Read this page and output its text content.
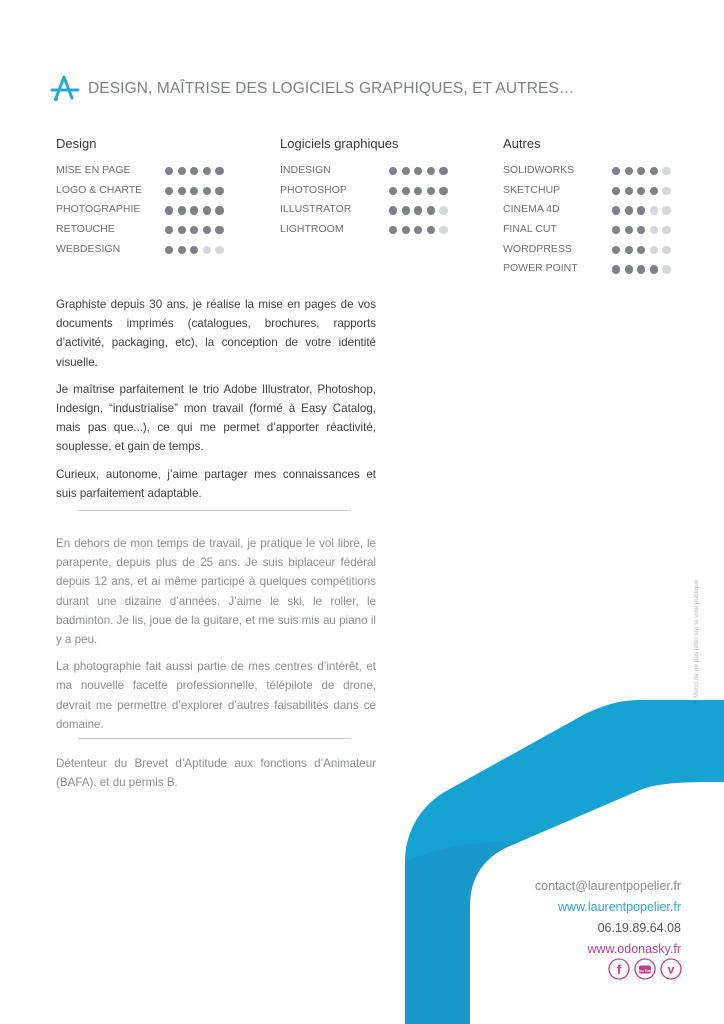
DESIGN, MAÎTRISE DES LOGICIELS GRAPHIQUES, ET AUTRES…
Design
MISE EN PAGE
LOGO & CHARTE
PHOTOGRAPHIE
RETOUCHE
WEBDESIGN
Logiciels graphiques
INDESIGN
PHOTOSHOP
ILLUSTRATOR
LIGHTROOM
Autres
SOLIDWORKS
SKETCHUP
CINEMA 4D
FINAL CUT
WORDPRESS
POWER POINT

Graphiste depuis 30 ans, je réalise la mise en pages de vos documents imprimés (catalogues, brochures, rapports d’activité, packaging, etc), la conception de votre identité visuelle.

Je maîtrise parfaitement le trio Adobe Illustrator, Photoshop, Indesign, “industrialise” mon travail (formé à Easy Catalog, mais pas que...), ce qui me permet d’apporter réactivité, souplesse, et gain de temps.

Curieux, autonome, j’aime partager mes connaissances et suis parfaitement adaptable.

En dehors de mon temps de travail, je pratique le vol libre, le parapente, depuis plus de 25 ans. Je suis biplaceur fédéral depuis 12 ans, et ai même participé à quelques compétitions durant une dizaine d’années. J’aime le ski, le roller, le badminton. Je lis, joue de la guitare, et me suis mis au piano il y a peu.

La photographie fait aussi partie de mes centres d’intérêt, et ma nouvelle facette professionnelle, télépilote de drone, devrait me permettre d’explorer d’autres faisabilités dans ce domaine.

Détenteur du Brevet d’Aptitude aux fonctions d’Animateur (BAFA), et du permis B.

Merci de ne pas jeter sur la voie publique
contact@laurentpopelier.fr
www.laurentpopelier.fr
06.19.89.64.08
www.odonasky.fr
f	You Tube v
